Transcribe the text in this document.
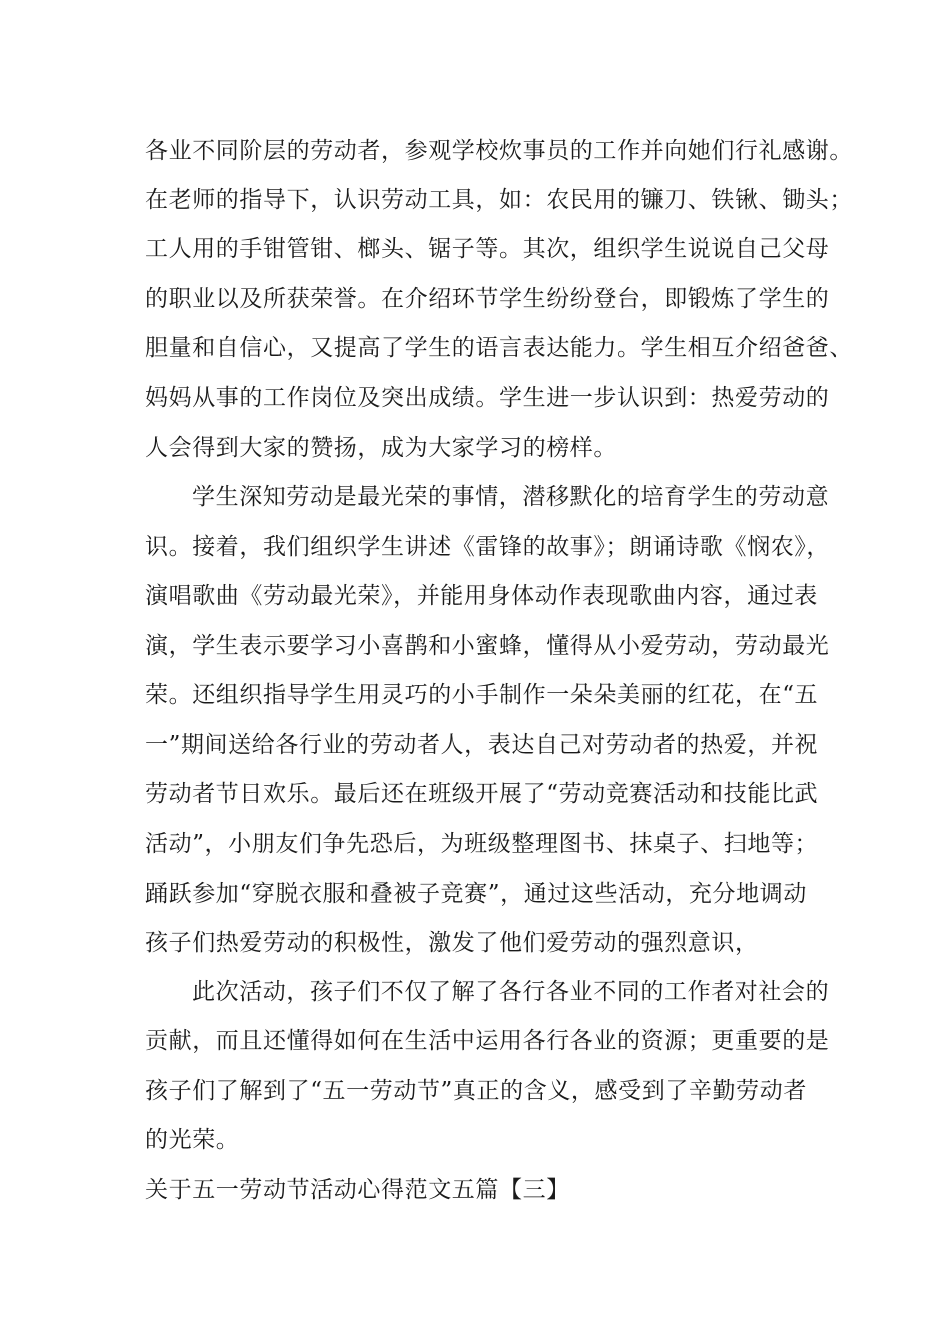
各业不同阶层的劳动者，参观学校炊事员的工作并向她们行礼感谢。
在老师的指导下，认识劳动工具，如：农民用的镰刀、铁锹、锄头；
工人用的手钳管钳、榔头、锯子等。其次，组织学生说说自己父母
的职业以及所获荣誉。在介绍环节学生纷纷登台，即锻炼了学生的
胆量和自信心，又提高了学生的语言表达能力。学生相互介绍爸爸、
妈妈从事的工作岗位及突出成绩。学生进一步认识到：热爱劳动的
人会得到大家的赞扬，成为大家学习的榜样。
学生深知劳动是最光荣的事情，潜移默化的培育学生的劳动意
识。接着，我们组织学生讲述《雷锋的故事》；朗诵诗歌《悯农》，
演唱歌曲《劳动最光荣》，并能用身体动作表现歌曲内容，通过表
演，学生表示要学习小喜鹊和小蜜蜂，懂得从小爱劳动，劳动最光
荣。还组织指导学生用灵巧的小手制作一朵朵美丽的红花，在“五
一”期间送给各行业的劳动者人，表达自己对劳动者的热爱，并祝
劳动者节日欢乐。最后还在班级开展了“劳动竞赛活动和技能比武
活动”，小朋友们争先恐后，为班级整理图书、抹桌子、扫地等；
踊跃参加“穿脱衣服和叠被子竞赛”，通过这些活动，充分地调动
孩子们热爱劳动的积极性，激发了他们爱劳动的强烈意识，
此次活动，孩子们不仅了解了各行各业不同的工作者对社会的
贡献，而且还懂得如何在生活中运用各行各业的资源；更重要的是
孩子们了解到了“五一劳动节”真正的含义，感受到了辛勤劳动者
的光荣。
关于五一劳动节活动心得范文五篇【三】
